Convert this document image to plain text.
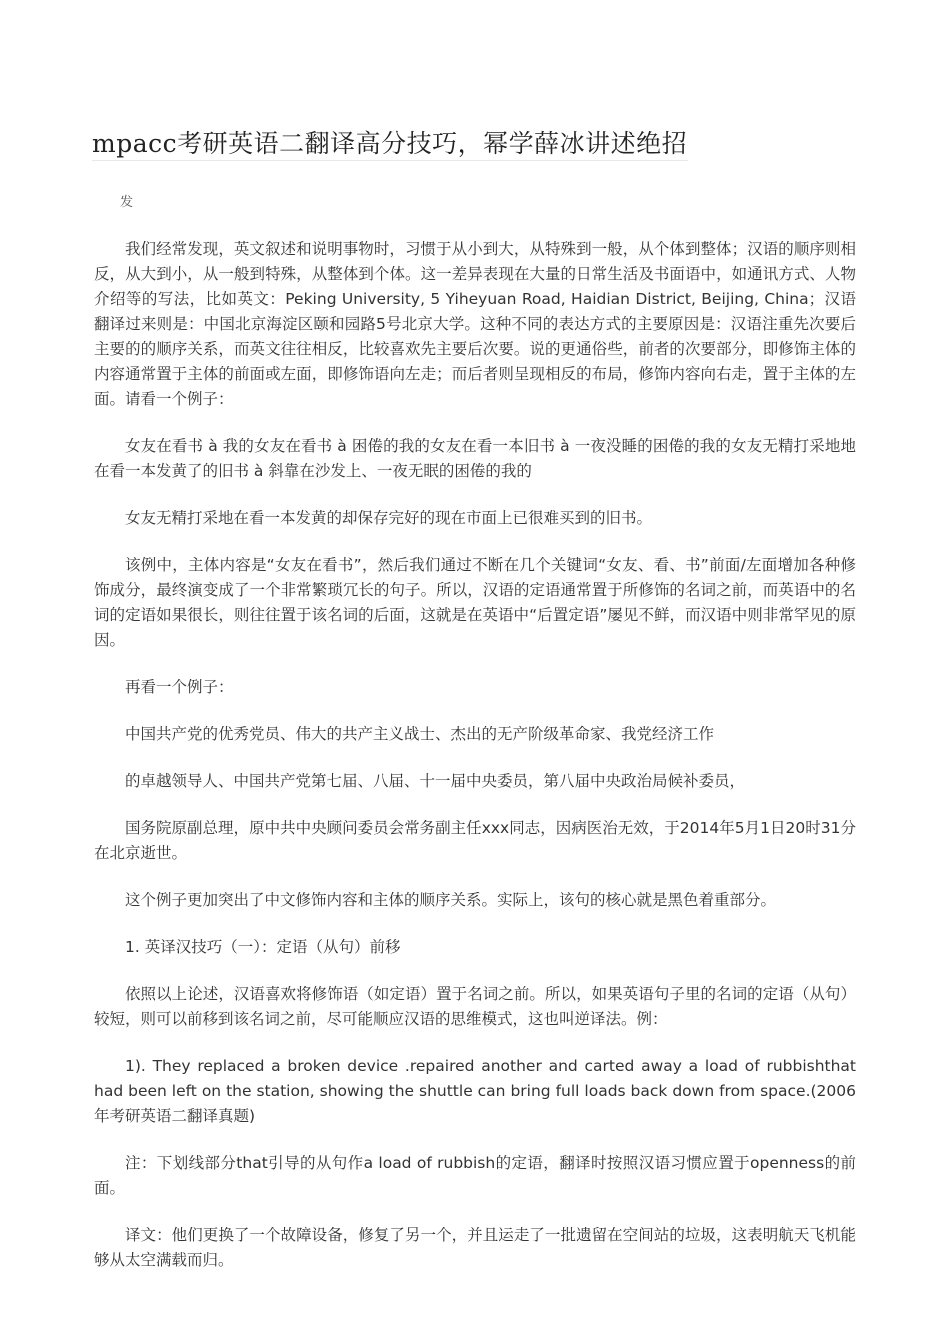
mpacc考研英语二翻译高分技巧，幂学薛冰讲述绝招

发

我们经常发现，英文叙述和说明事物时，习惯于从小到大，从特殊到一般，从个体到整体；汉语的顺序则相反，从大到小，从一般到特殊，从整体到个体。这一差异表现在大量的日常生活及书面语中，如通讯方式、人物介绍等的写法，比如英文：Peking University, 5 Yiheyuan Road, Haidian District, Beijing, China；汉语翻译过来则是：中国北京海淀区颐和园路5号北京大学。这种不同的表达方式的主要原因是：汉语注重先次要后主要的的顺序关系，而英文往往相反，比较喜欢先主要后次要。说的更通俗些，前者的次要部分，即修饰主体的内容通常置于主体的前面或左面，即修饰语向左走；而后者则呈现相反的布局，修饰内容向右走，置于主体的左面。请看一个例子：

女友在看书 à 我的女友在看书 à 困倦的我的女友在看一本旧书 à 一夜没睡的困倦的我的女友无精打采地地在看一本发黄了的旧书 à 斜靠在沙发上、一夜无眠的困倦的我的

女友无精打采地在看一本发黄的却保存完好的现在市面上已很难买到的旧书。

该例中，主体内容是“女友在看书”，然后我们通过不断在几个关键词“女友、看、书”前面/左面增加各种修饰成分，最终演变成了一个非常繁琐冗长的句子。所以，汉语的定语通常置于所修饰的名词之前，而英语中的名词的定语如果很长，则往往置于该名词的后面，这就是在英语中“后置定语”屡见不鲜，而汉语中则非常罕见的原因。

再看一个例子：

中国共产党的优秀党员、伟大的共产主义战士、杰出的无产阶级革命家、我党经济工作

的卓越领导人、中国共产党第七届、八届、十一届中央委员，第八届中央政治局候补委员，

国务院原副总理，原中共中央顾问委员会常务副主任xxx同志，因病医治无效，于2014年5月1日20时31分在北京逝世。

这个例子更加突出了中文修饰内容和主体的顺序关系。实际上，该句的核心就是黑色着重部分。

1. 英译汉技巧（一）：定语（从句）前移

依照以上论述，汉语喜欢将修饰语（如定语）置于名词之前。所以，如果英语句子里的名词的定语（从句）较短，则可以前移到该名词之前，尽可能顺应汉语的思维模式，这也叫逆译法。例：

1). They replaced a broken device .repaired another and carted away a load of rubbishthat had been left on the station, showing the shuttle can bring full loads back down from space.(2006年考研英语二翻译真题)

注：下划线部分that引导的从句作a load of rubbish的定语，翻译时按照汉语习惯应置于openness的前面。

译文：他们更换了一个故障设备，修复了另一个，并且运走了一批遗留在空间站的垃圾，这表明航天飞机能够从太空满载而归。
